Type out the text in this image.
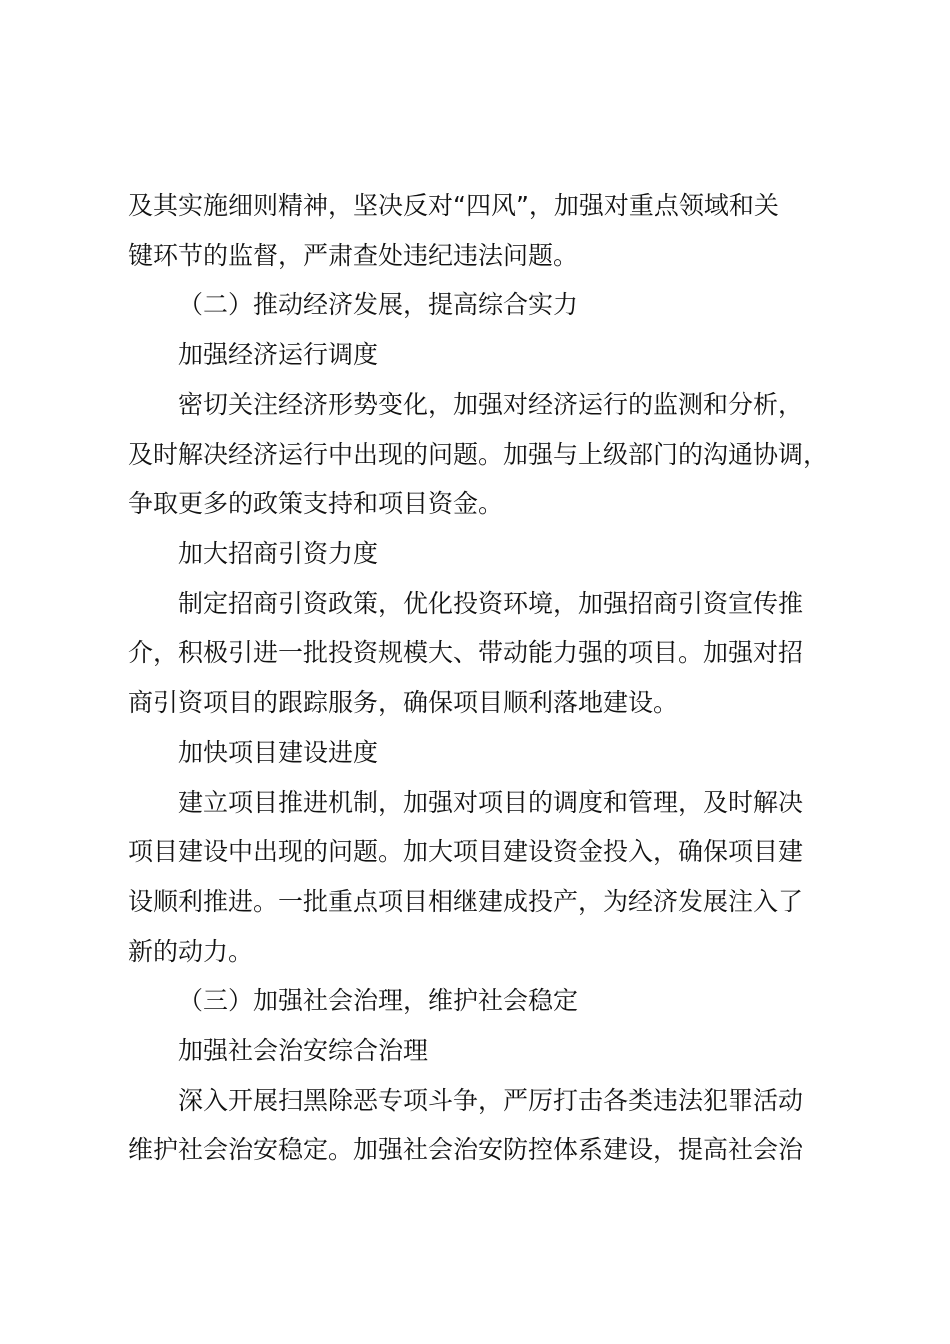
及其实施细则精神，坚决反对“四风”，加强对重点领域和关
键环节的监督，严肃查处违纪违法问题。
（二）推动经济发展，提高综合实力
加强经济运行调度
密切关注经济形势变化，加强对经济运行的监测和分析，
及时解决经济运行中出现的问题。加强与上级部门的沟通协调，
争取更多的政策支持和项目资金。
加大招商引资力度
制定招商引资政策，优化投资环境，加强招商引资宣传推
介，积极引进一批投资规模大、带动能力强的项目。加强对招
商引资项目的跟踪服务，确保项目顺利落地建设。
加快项目建设进度
建立项目推进机制，加强对项目的调度和管理，及时解决
项目建设中出现的问题。加大项目建设资金投入，确保项目建
设顺利推进。一批重点项目相继建成投产，为经济发展注入了
新的动力。
（三）加强社会治理，维护社会稳定
加强社会治安综合治理
深入开展扫黑除恶专项斗争，严厉打击各类违法犯罪活动
维护社会治安稳定。加强社会治安防控体系建设，提高社会治
